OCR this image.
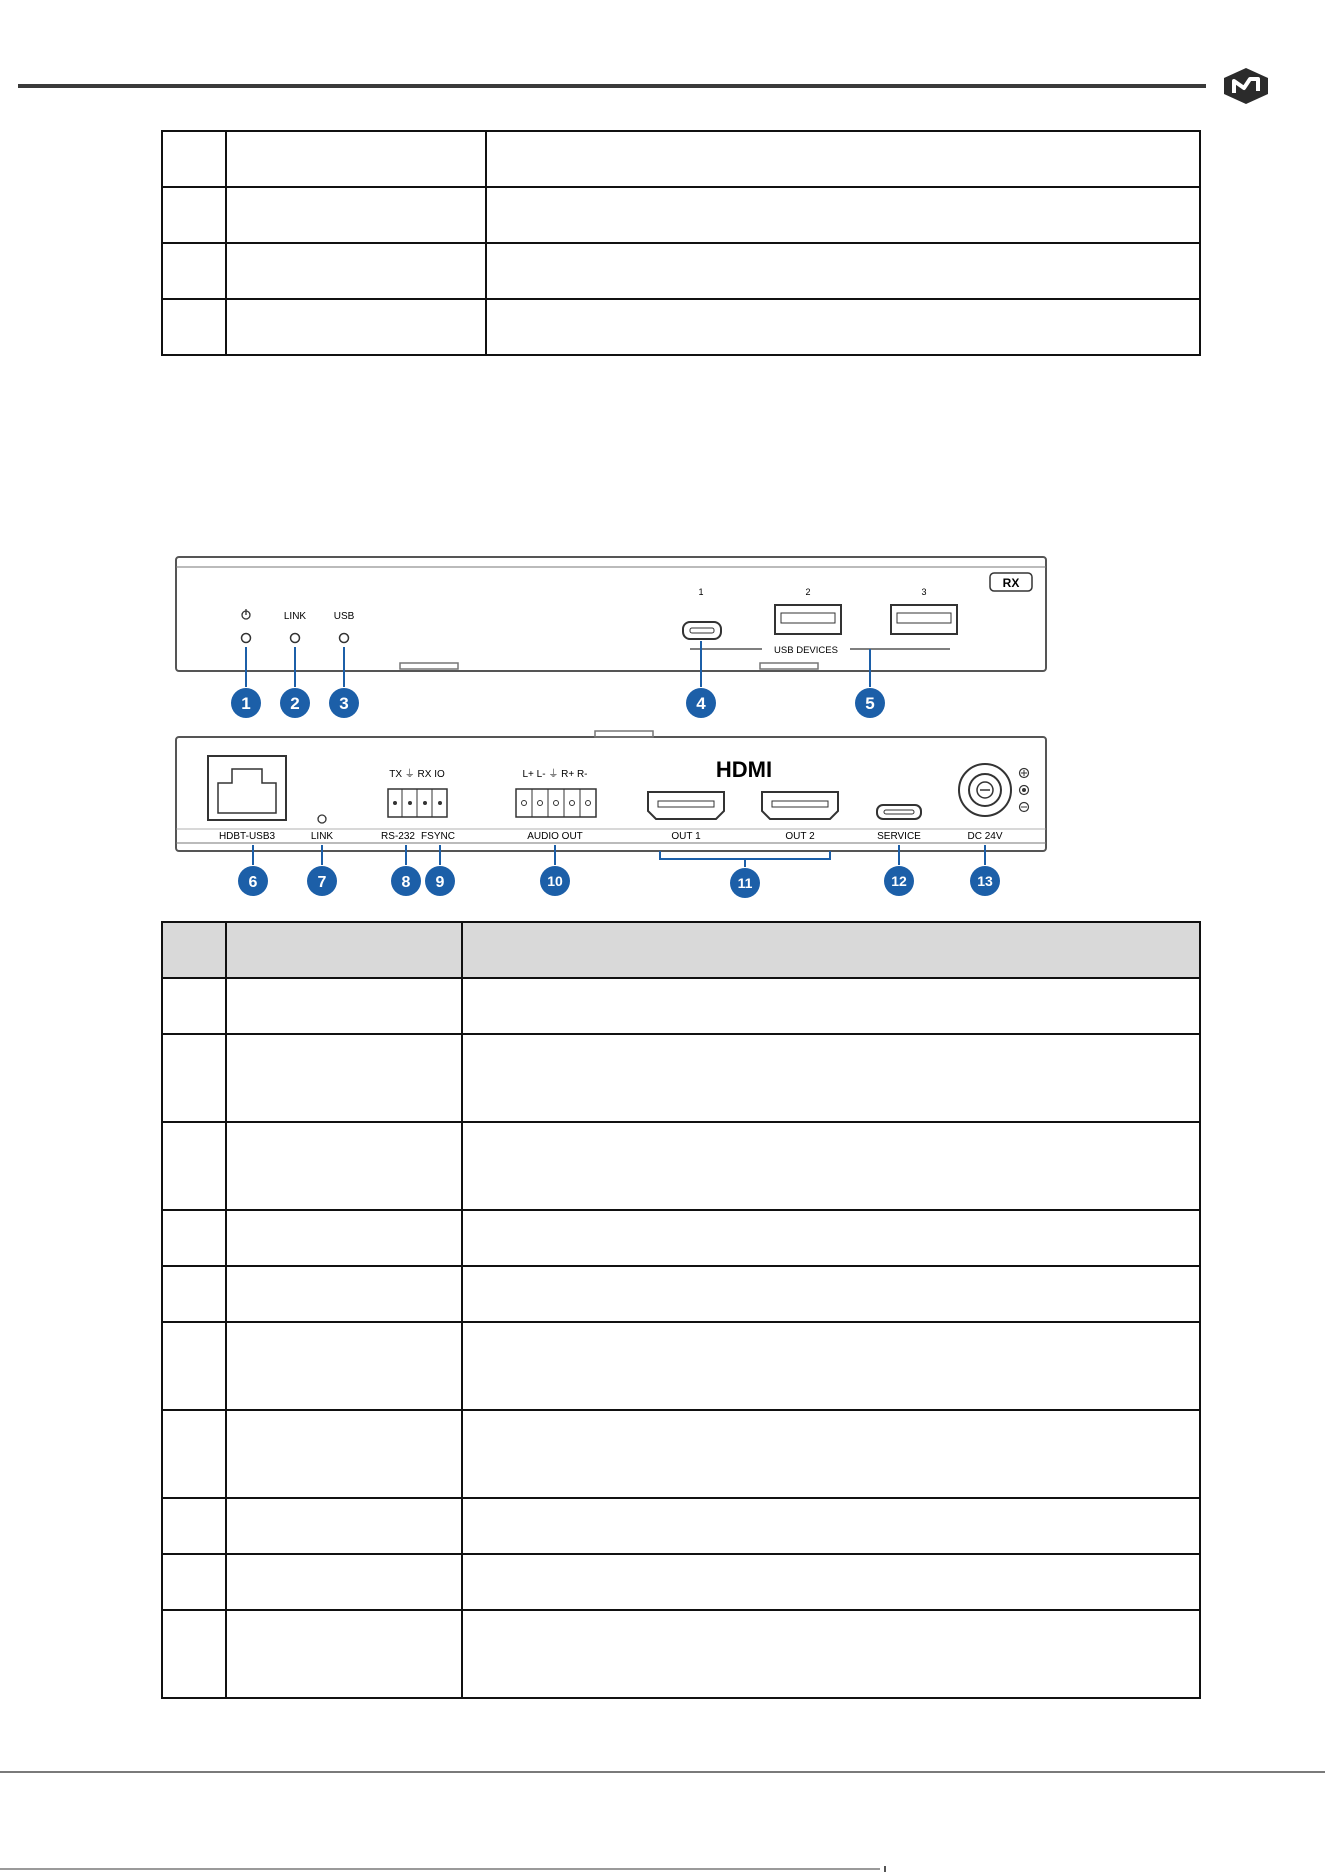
RX
LINK	USB
1	2	3
USB DEVICES
1 2 3	4	5
HDBT-USB3	LINK
TX ⏚ RX IO
RS-232 FSYNC
L+ L- ⏚ R+ R-
AUDIO OUT
HDMI
OUT 1	OUT 2	SERVICE	DC 24V
6	7	8 9	10	11	12	13
